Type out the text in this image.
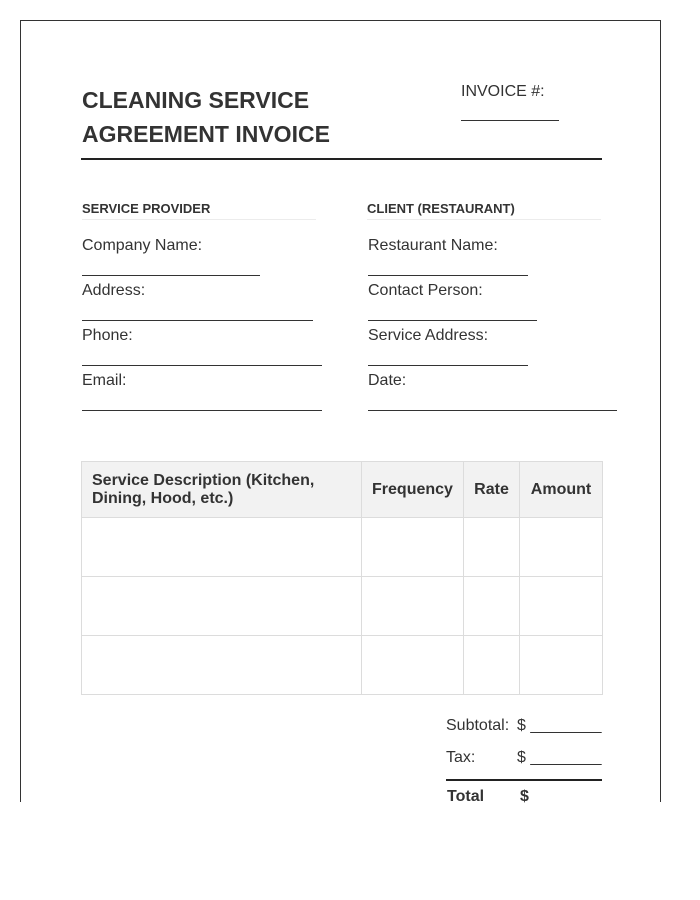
CLEANING SERVICE
AGREEMENT INVOICE
INVOICE #:
SERVICE PROVIDER
Company Name:
Address:
Phone:
Email:
CLIENT (RESTAURANT)
Restaurant Name:
Contact Person:
Service Address:
Date:
Service Description (Kitchen, Dining, Hood, etc.)	Frequency	Rate	Amount

Subtotal: $ ________
Tax:	$ ________
Total $
